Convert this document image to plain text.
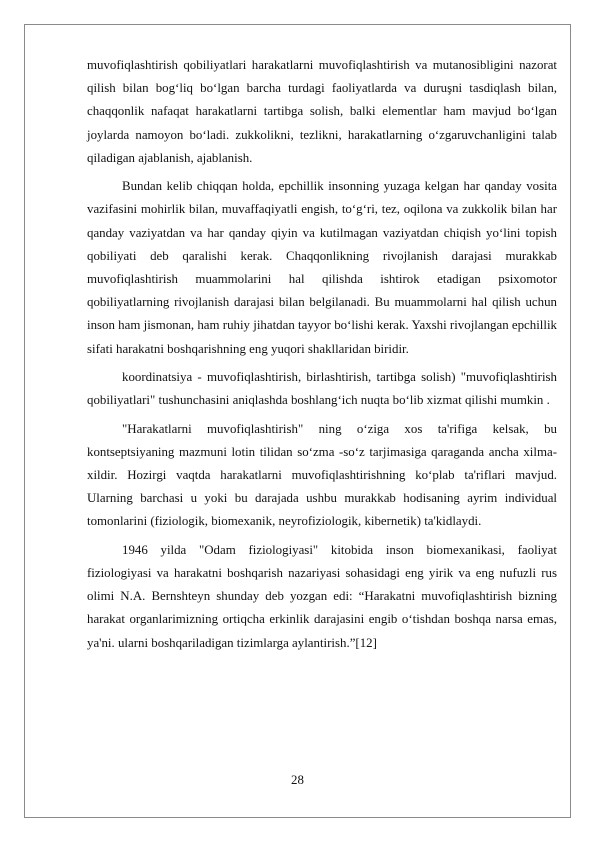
muvofiqlashtirish qobiliyatlari harakatlarni muvofiqlashtirish va mutanosibligini nazorat qilish bilan bog‘liq bo‘lgan barcha turdagi faoliyatlarda va duruşni tasdiqlash bilan, chaqqonlik nafaqat harakatlarni tartibga solish, balki elementlar ham mavjud bo‘lgan joylarda namoyon bo‘ladi. zukkolikni, tezlikni, harakatlarning o‘zgaruvchanligini talab qiladigan ajablanish, ajablanish.

Bundan kelib chiqqan holda, epchillik insonning yuzaga kelgan har qanday vosita vazifasini mohirlik bilan, muvaffaqiyatli engish, to‘g‘ri, tez, oqilona va zukkolik bilan har qanday vaziyatdan va har qanday qiyin va kutilmagan vaziyatdan chiqish yo‘lini topish qobiliyati deb qaralishi kerak. Chaqqonlikning rivojlanish darajasi murakkab muvofiqlashtirish muammolarini hal qilishda ishtirok etadigan psixomotor qobiliyatlarning rivojlanish darajasi bilan belgilanadi. Bu muammolarni hal qilish uchun inson ham jismonan, ham ruhiy jihatdan tayyor bo‘lishi kerak. Yaxshi rivojlangan epchillik sifati harakatni boshqarishning eng yuqori shakllaridan biridir.

koordinatsiya - muvofiqlashtirish, birlashtirish, tartibga solish) "muvofiqlashtirish qobiliyatlari" tushunchasini aniqlashda boshlang‘ich nuqta bo‘lib xizmat qilishi mumkin .

"Harakatlarni muvofiqlashtirish" ning o‘ziga xos ta'rifiga kelsak, bu kontseptsiyaning mazmuni lotin tilidan so‘zma -so‘z tarjimasiga qaraganda ancha xilma-xildir. Hozirgi vaqtda harakatlarni muvofiqlashtirishning ko‘plab ta'riflari mavjud. Ularning barchasi u yoki bu darajada ushbu murakkab hodisaning ayrim individual tomonlarini (fiziologik, biomexanik, neyrofiziologik, kibernetik) ta'kidlaydi.

1946 yilda "Odam fiziologiyasi" kitobida inson biomexanikasi, faoliyat fiziologiyasi va harakatni boshqarish nazariyasi sohasidagi eng yirik va eng nufuzli rus olimi N.A. Bernshteyn shunday deb yozgan edi: “Harakatni muvofiqlashtirish bizning harakat organlarimizning ortiqcha erkinlik darajasini engib o‘tishdan boshqa narsa emas, ya'ni. ularni boshqariladigan tizimlarga aylantirish.”[12]

28
